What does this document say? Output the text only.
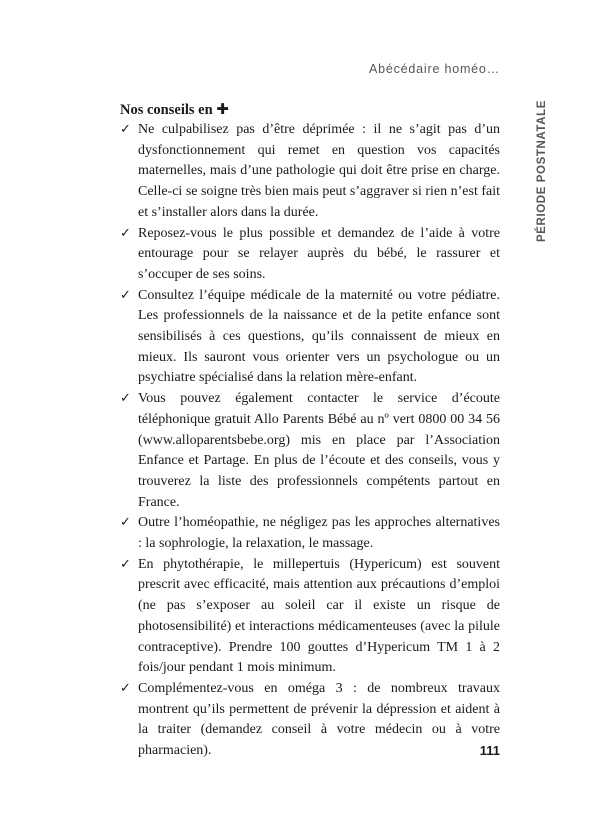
Abécédaire homéo…
PÉRIODE POSTNATALE
Nos conseils en ✚
✓ Ne culpabilisez pas d’être déprimée : il ne s’agit pas d’un dysfonctionnement qui remet en question vos capacités maternelles, mais d’une pathologie qui doit être prise en charge. Celle-ci se soigne très bien mais peut s’aggraver si rien n’est fait et s’installer alors dans la durée.
✓ Reposez-vous le plus possible et demandez de l’aide à votre entourage pour se relayer auprès du bébé, le rassurer et s’occuper de ses soins.
✓ Consultez l’équipe médicale de la maternité ou votre pédiatre. Les professionnels de la naissance et de la petite enfance sont sensibilisés à ces questions, qu’ils connaissent de mieux en mieux. Ils sauront vous orienter vers un psychologue ou un psychiatre spécialisé dans la relation mère-enfant.
✓ Vous pouvez également contacter le service d’écoute téléphonique gratuit Allo Parents Bébé au nº vert 0800 00 34 56 (www.alloparentsbebe.org) mis en place par l’Association Enfance et Partage. En plus de l’écoute et des conseils, vous y trouverez la liste des professionnels compétents partout en France.
✓ Outre l’homéopathie, ne négligez pas les approches alternatives : la sophrologie, la relaxation, le massage.
✓ En phytothérapie, le millepertuis (Hypericum) est souvent prescrit avec efficacité, mais attention aux précautions d’emploi (ne pas s’exposer au soleil car il existe un risque de photosensibilité) et interactions médicamenteuses (avec la pilule contraceptive). Prendre 100 gouttes d’Hypericum TM 1 à 2 fois/jour pendant 1 mois minimum.
✓ Complémentez-vous en oméga 3 : de nombreux travaux montrent qu’ils permettent de prévenir la dépression et aident à la traiter (demandez conseil à votre médecin ou à votre pharmacien).	111
